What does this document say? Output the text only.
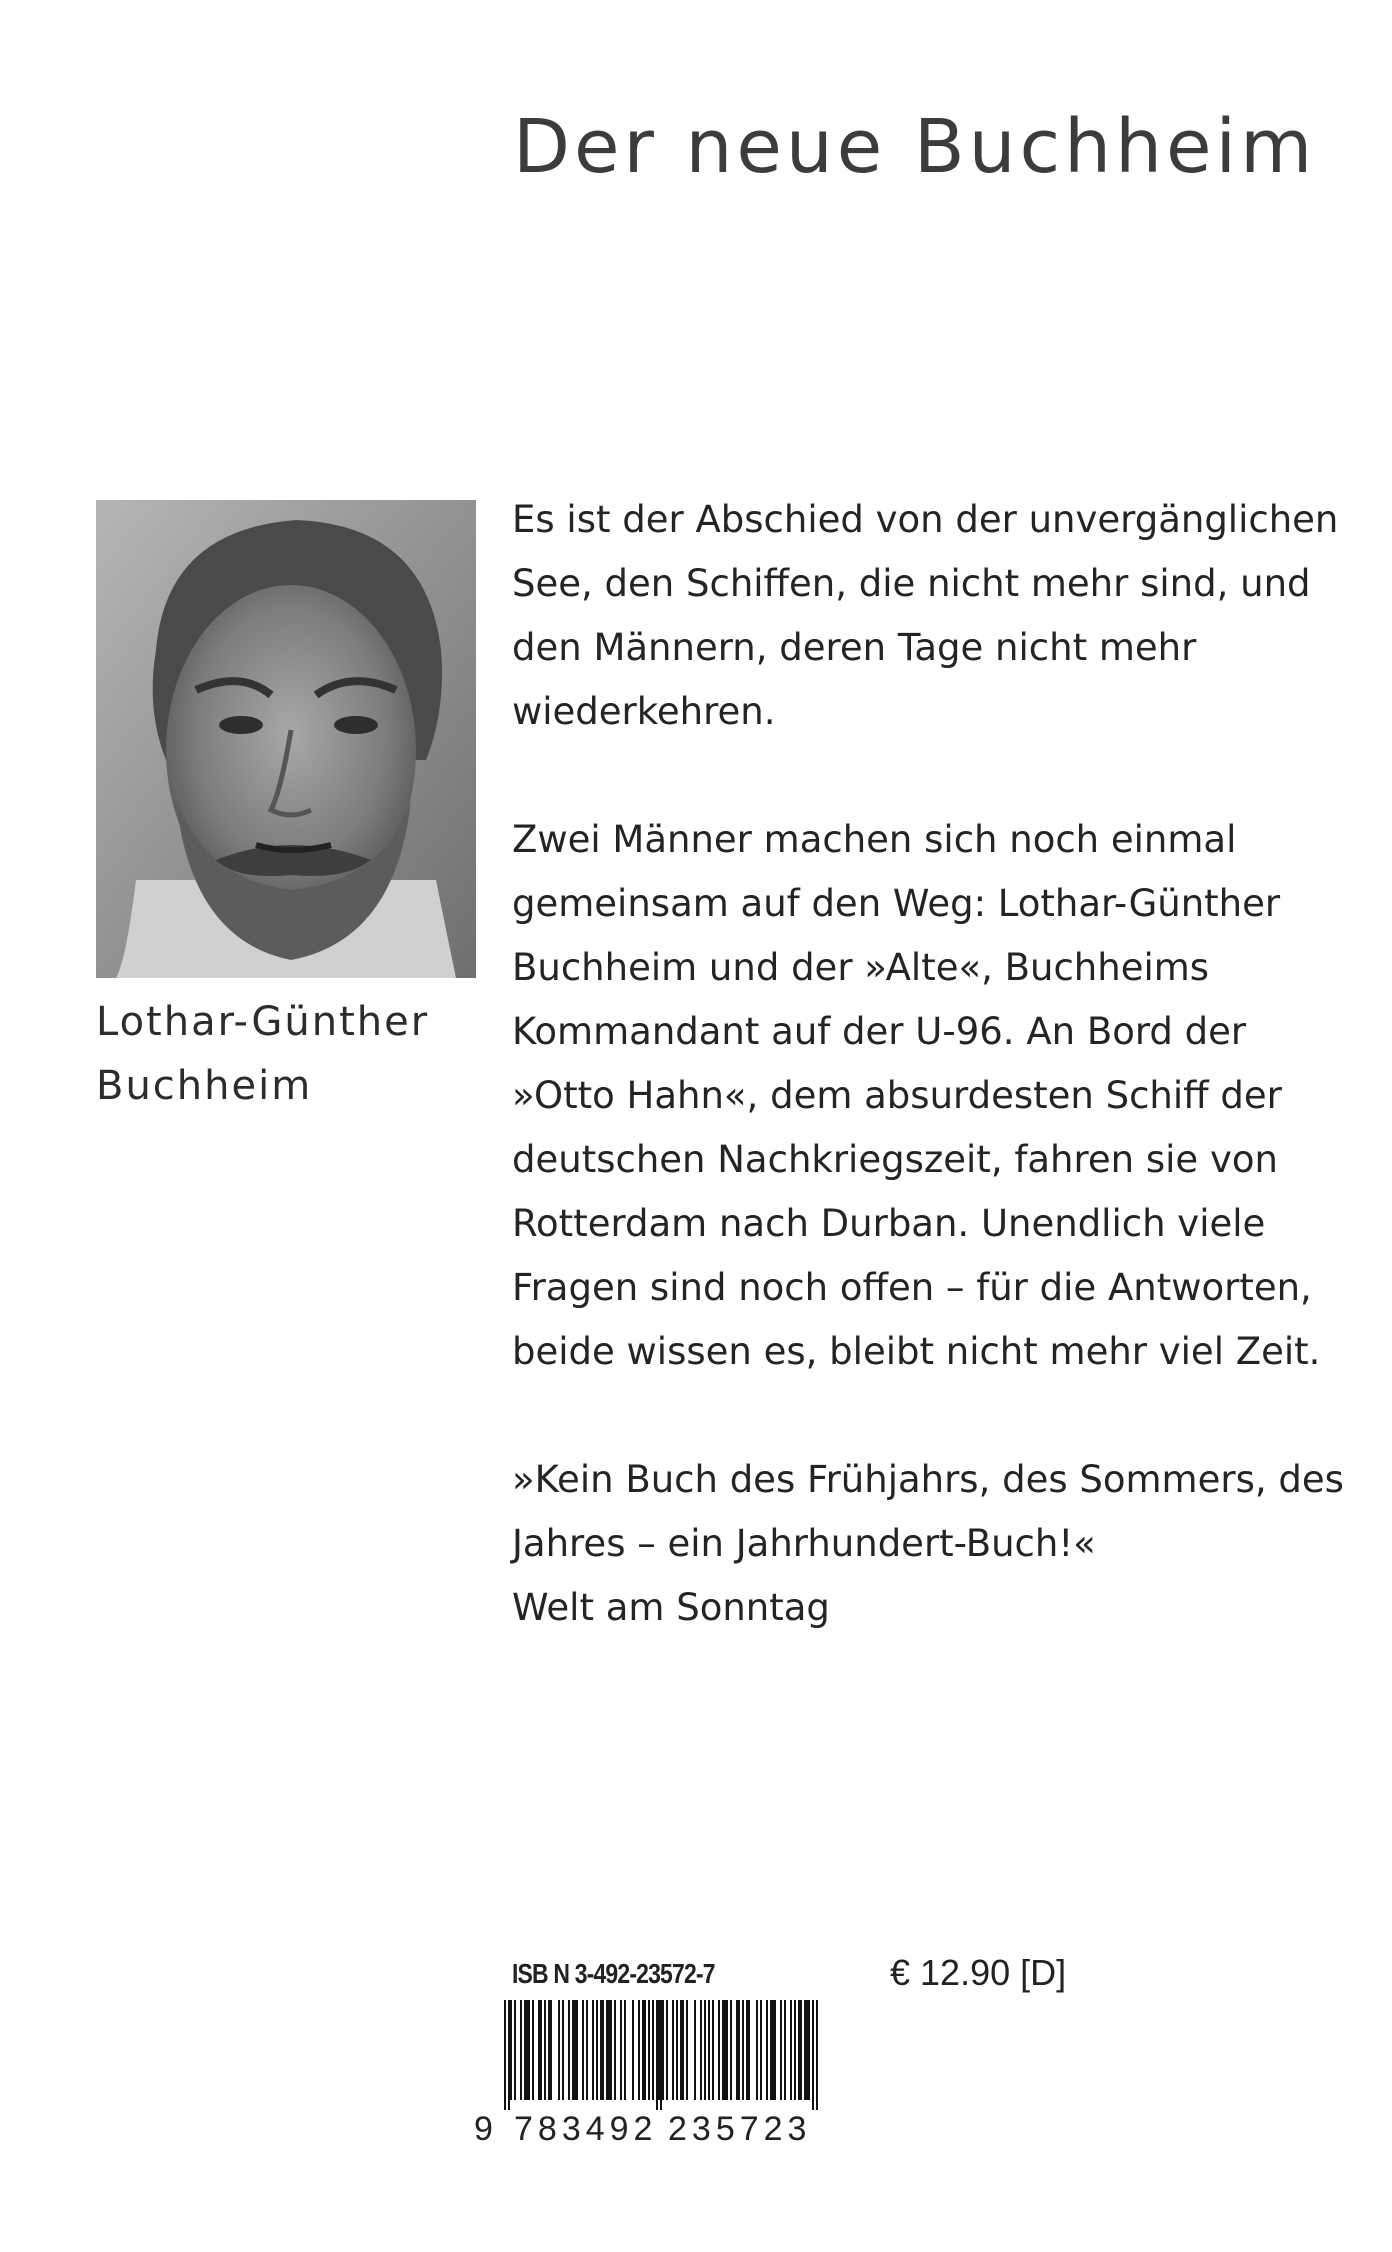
Der neue Buchheim
Lothar-Günther
Buchheim
Es ist der Abschied von der unvergänglichen
See, den Schiffen, die nicht mehr sind, und
den Männern, deren Tage nicht mehr
wiederkehren.
Zwei Männer machen sich noch einmal
gemeinsam auf den Weg: Lothar-Günther
Buchheim und der »Alte«, Buchheims
Kommandant auf der U-96. An Bord der
»Otto Hahn«, dem absurdesten Schiff der
deutschen Nachkriegszeit, fahren sie von
Rotterdam nach Durban. Unendlich viele
Fragen sind noch offen – für die Antworten,
beide wissen es, bleibt nicht mehr viel Zeit.
»Kein Buch des Frühjahrs, des Sommers, des
Jahres – ein Jahrhundert-Buch!«
Welt am Sonntag
ISB N 3-492-23572-7	€ 12.90 [D]
9 783492 235723
